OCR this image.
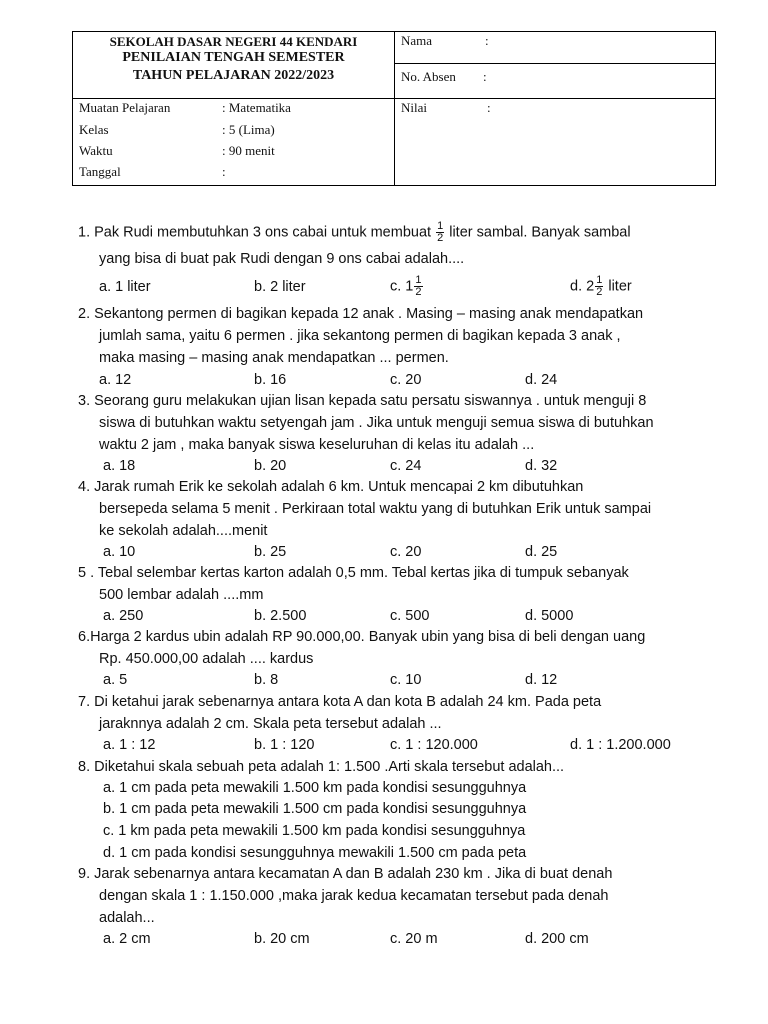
SEKOLAH DASAR NEGERI 44 KENDARI
PENILAIAN TENGAH SEMESTER
TAHUN PELAJARAN 2022/2023
Nama	:
No. Absen :
Nilai	:
Muatan Pelajaran	: Matematika
Kelas	: 5 (Lima)
Waktu	: 90 menit
Tanggal	:
1. Pak Rudi membutuhkan 3 ons cabai untuk membuat $\frac{1}{2}$ liter sambal. Banyak sambal
yang bisa di buat pak Rudi dengan 9 ons cabai adalah....
a. 1 liter	b. 2 liter	c. $1 \frac{1}{2}$	d. $2 \frac{1}{2}$ liter
2. Sekantong permen di bagikan kepada 12 anak . Masing – masing anak mendapatkan
jumlah sama, yaitu 6 permen . jika sekantong permen di bagikan kepada 3 anak ,
maka masing – masing anak mendapatkan ... permen.
a. 12	b. 16	c. 20	d. 24
3. Seorang guru melakukan ujian lisan kepada satu persatu siswannya . untuk menguji 8
siswa di butuhkan waktu setyengah jam . Jika untuk menguji semua siswa di butuhkan
waktu 2 jam , maka banyak siswa keseluruhan di kelas itu adalah ...
a. 18	b. 20	c. 24	d. 32
4. Jarak rumah Erik ke sekolah adalah 6 km. Untuk mencapai 2 km dibutuhkan
bersepeda selama 5 menit . Perkiraan total waktu yang di butuhkan Erik untuk sampai
ke sekolah adalah....menit
a. 10	b. 25	c. 20	d. 25
5 . Tebal selembar kertas karton adalah 0,5 mm. Tebal kertas jika di tumpuk sebanyak
500 lembar adalah ....mm
a. 250	b. 2.500	c. 500	d. 5000
6.Harga 2 kardus ubin adalah RP 90.000,00. Banyak ubin yang bisa di beli dengan uang
Rp. 450.000,00 adalah .... kardus
a. 5	b. 8	c. 10	d. 12
7. Di ketahui jarak sebenarnya antara kota A dan kota B adalah 24 km. Pada peta
jaraknnya adalah 2 cm. Skala peta tersebut adalah ...
a. 1 : 12	b. 1 : 120	c. 1 : 120.000	d. 1 : 1.200.000
8. Diketahui skala sebuah peta adalah 1: 1.500 .Arti skala tersebut adalah...
a. 1 cm pada peta mewakili 1.500 km pada kondisi sesungguhnya
b. 1 cm pada peta mewakili 1.500 cm pada kondisi sesungguhnya
c. 1 km pada peta mewakili 1.500 km pada kondisi sesungguhnya
d. 1 cm pada kondisi sesungguhnya mewakili 1.500 cm pada peta
9. Jarak sebenarnya antara kecamatan A dan B adalah 230 km . Jika di buat denah
dengan skala 1 : 1.150.000 ,maka jarak kedua kecamatan tersebut pada denah
adalah...
a. 2 cm	b. 20 cm	c. 20 m	d. 200 cm
